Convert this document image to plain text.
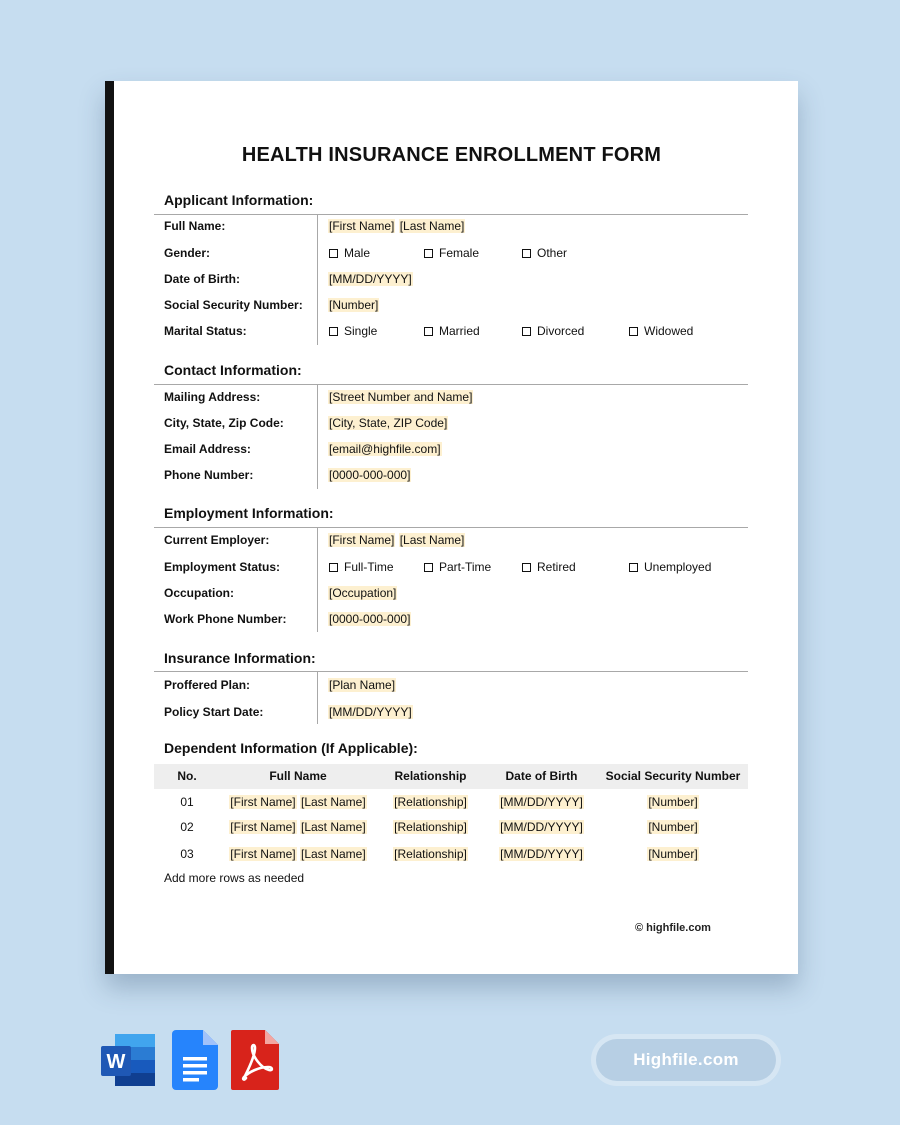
HEALTH INSURANCE ENROLLMENT FORM
Applicant Information:
Full Name:	[First Name] [Last Name]
Gender:	Male	Female	Other
Date of Birth:	[MM/DD/YYYY]
Social Security Number: [Number]
Marital Status:	Single	Married	Divorced	Widowed
Contact Information:
Mailing Address:	[Street Number and Name]
City, State, Zip Code:	[City, State, ZIP Code]
Email Address:	[email@highfile.com]
Phone Number:	[0000-000-000]
Employment Information:
Current Employer:	[First Name] [Last Name]
Employment Status:	Full-Time	Part-Time	Retired	Unemployed
Occupation:	[Occupation]
Work Phone Number:	[0000-000-000]
Insurance Information:
Proffered Plan:	[Plan Name]
Policy Start Date:	[MM/DD/YYYY]
Dependent Information (If Applicable):
No.	Full Name	Relationship	Date of Birth	Social Security Number
01	[First Name] [Last Name]	[Relationship]	[MM/DD/YYYY]	[Number]
02	[First Name] [Last Name]	[Relationship]	[MM/DD/YYYY]	[Number]
03	[First Name] [Last Name]	[Relationship]	[MM/DD/YYYY]	[Number]
Add more rows as needed
© highfile.com
W	Highfile.com
